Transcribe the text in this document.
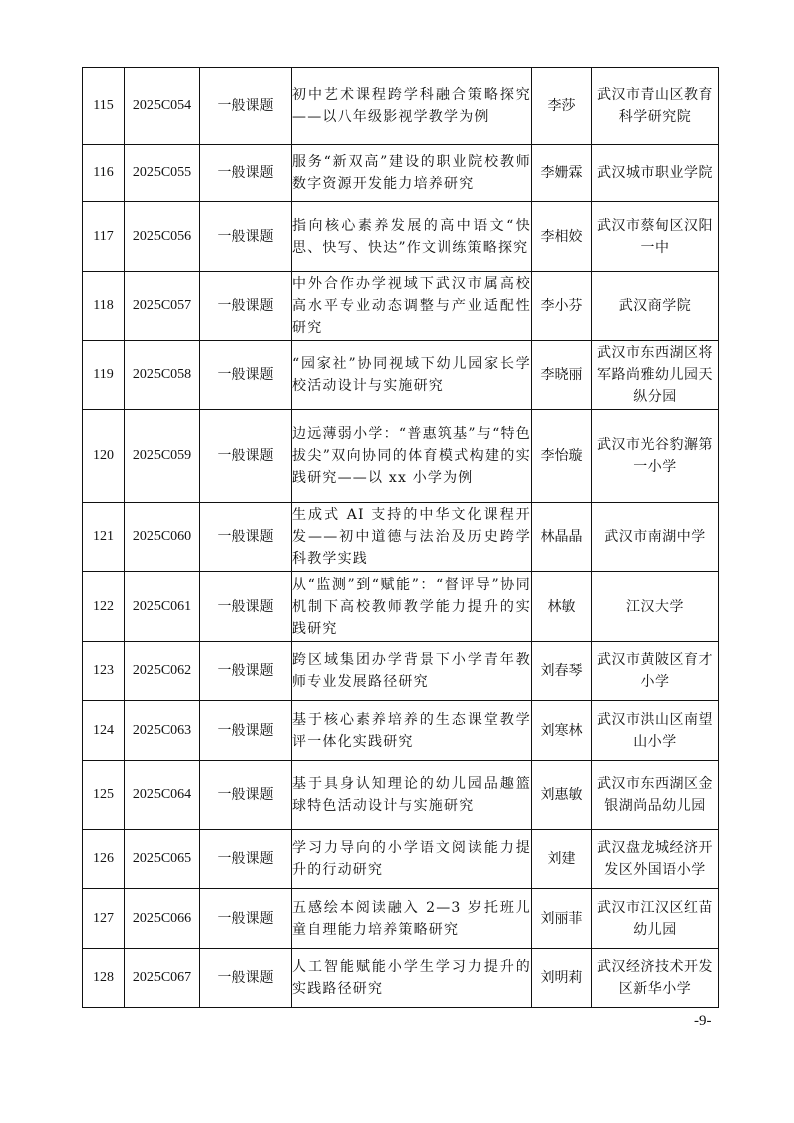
115	2025C054	一般课题	初中艺术课程跨学科融合策略探究——以八年级影视学教学为例	李莎	武汉市青山区教育科学研究院
116	2025C055	一般课题	服务“新双高”建设的职业院校教师数字资源开发能力培养研究	李姗霖	武汉城市职业学院
117	2025C056	一般课题	指向核心素养发展的高中语文“快思、快写、快达”作文训练策略探究	李相姣	武汉市蔡甸区汉阳一中
118	2025C057	一般课题	中外合作办学视域下武汉市属高校高水平专业动态调整与产业适配性研究	李小芬	武汉商学院
119	2025C058	一般课题	“园家社”协同视域下幼儿园家长学校活动设计与实施研究	李晓丽	武汉市东西湖区将军路尚雅幼儿园天纵分园
120	2025C059	一般课题	边远薄弱小学：“普惠筑基”与“特色拔尖”双向协同的体育模式构建的实践研究——以 xx 小学为例	李怡璇	武汉市光谷豹澥第一小学
121	2025C060	一般课题	生成式 AI 支持的中华文化课程开发——初中道德与法治及历史跨学科教学实践	林晶晶	武汉市南湖中学
122	2025C061	一般课题	从“监测”到“赋能”：“督评导”协同机制下高校教师教学能力提升的实践研究	林敏	江汉大学
123	2025C062	一般课题	跨区域集团办学背景下小学青年教师专业发展路径研究	刘春琴	武汉市黄陂区育才小学
124	2025C063	一般课题	基于核心素养培养的生态课堂教学评一体化实践研究	刘寒林	武汉市洪山区南望山小学
125	2025C064	一般课题	基于具身认知理论的幼儿园品趣篮球特色活动设计与实施研究	刘惠敏	武汉市东西湖区金银湖尚品幼儿园
126	2025C065	一般课题	学习力导向的小学语文阅读能力提升的行动研究	刘建	武汉盘龙城经济开发区外国语小学
127	2025C066	一般课题	五感绘本阅读融入 2—3 岁托班儿童自理能力培养策略研究	刘丽菲	武汉市江汉区红苗幼儿园
128	2025C067	一般课题	人工智能赋能小学生学习力提升的实践路径研究	刘明莉	武汉经济技术开发区新华小学
-9-
